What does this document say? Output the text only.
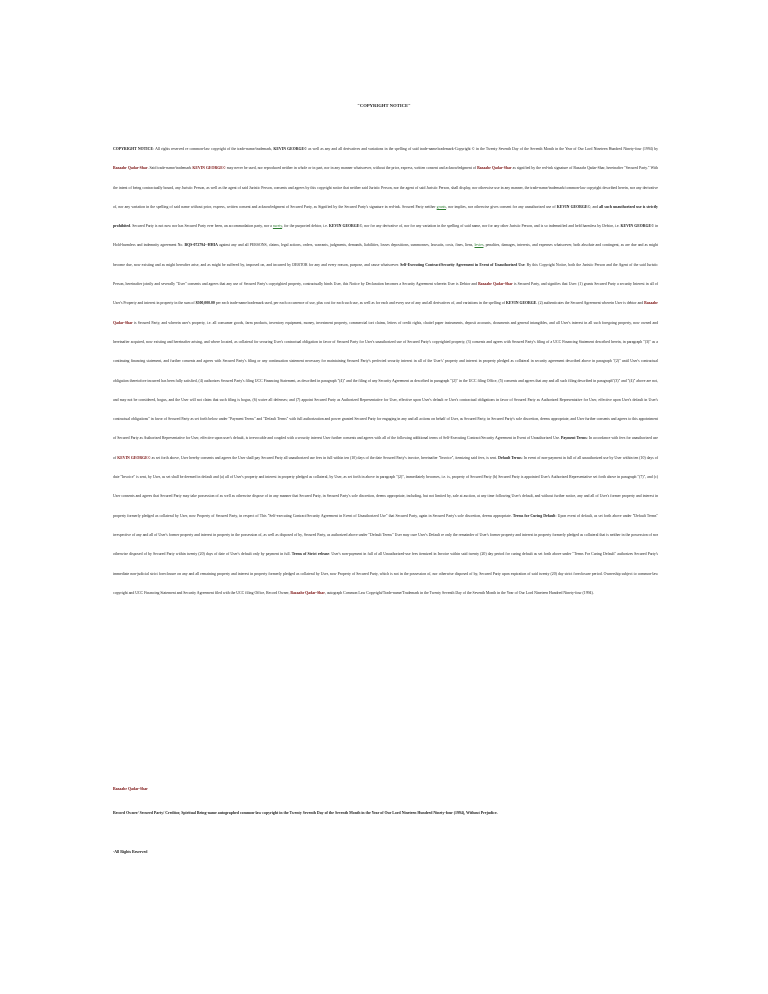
"COPYRIGHT NOTICE"

COPYRIGHT NOTICE: All rights reserved re common-law copyright of the trade-name/trademark, KEVIN GEORGE© as well as any and all derivatives and variations in the spelling of said trade-name/trademark-Copyright © in the Twenty Seventh Day of the Seventh Month in the Year of Our Lord Nineteen Hundred Ninety-four (1994) by Bazaahr Qadar-Shar. Said trade-name/trademark KEVIN GEORGE© may never be used, nor reproduced neither in whole or in part, nor in any manner whatsoever, without the prior, express, written consent and acknowledgment of Bazaahr Qadar-Shar as signified by the red-ink signature of Bazaahr Qadar-Shar, hereinafter "Secured Party." With the intent of being contractually bound, any Juristic Person, as well as the agent of said Juristic Person, consents and agrees by this copyright notice that neither said Juristic Person, nor the agent of said Juristic Person, shall display, nor otherwise use in any manner, the trade-name/trademark/common-law copyright described herein, nor any derivative of, nor any variation in the spelling of said name without prior, express, written consent and acknowledgment of Secured Party, as Signified by the Secured Party's signature in red-ink. Secured Party neither grants, nor implies, nor otherwise gives consent for any unauthorized use of KEVIN GEORGE©, and all such unauthorized use is strictly prohibited. Secured Party is not now nor has Secured Party ever been, an accommodation party, nor a surety, for the purported debtor, i.e. KEVIN GEORGE©, nor for any derivative of, nor for any variation in the spelling of said name, nor for any other Juristic Person, and is so indemnified and held harmless by Debtor, i.e. KEVIN GEORGE© in Hold-harmless and indemnity agreement No. BQS-072794--HHIA against any and all PERSONS, claims, legal actions, orders, warrants, judgments, demands, liabilities, losses depositions, summonses, lawsuits, costs, fines, liens, levies, penalties, damages, interests, and expenses whatsoever, both absolute and contingent, as are due and as might become due, now existing and as might hereafter arise, and as might be suffered by, imposed on, and incurred by DEBTOR for any and every reason, purpose, and cause whatsoever. Self-Executing Contract/Security Agreement in Event of Unauthorized Use: By this Copyright Notice, both the Juristic Person and the Agent of the said Juristic Person, hereinafter jointly and severally "User" consents and agrees that any use of Secured Party's copyrighted property, contractually binds User, this Notice by Declaration becomes a Security Agreement wherein User is Debtor and Bazaahr Qadar-Shar is Secured Party, and signifies that User: (1) grants Secured Party a security Interest in all of User's Property and interest in property in the sum of $500,000.00 per each trade-name/trademark used, per each occurrence of use, plus cost for each such use, as well as for each and every use of any and all derivatives of, and variations in the spelling of KEVIN GEORGE. (2) authenticates the Secured Agreement wherein User is debtor and Bazaahr Qadar-Shar is Secured Party, and wherein user's property, i.e. all consumer goods, farm products, inventory equipment, money, investment property, commercial tort claims, letters of credit rights, chattel paper instruments, deposit accounts, documents and general intangibles, and all User's interest in all such foregoing property, now owned and hereinafter acquired, now existing and hereinafter arising, and where located, as collateral for securing User's contractual obligation in favor of Secured Party for User's unauthorized use of Secured Party's copyrighted property, (3) consents and agrees with Secured Party's filing of a UCC Financing Statement described herein, in paragraph "(3)" as a continuing financing statement, and further consents and agrees with Secured Party's filing or any continuation statement necessary for maintaining Secured Party's perfected security interest in all of the User's' property and interest in property pledged as collateral in security agreement described above in paragraph "(2)" until User's contractual obligation theretofore incurred has been fully satisfied, (4) authorizes Secured Party's filing UCC Financing Statement, as described in paragraph "(4)" and the filing of any Security Agreement as described in paragraph "(2)" in the UCC filing Office, (5) consents and agrees that any and all such filing described in paragraph"(3)" and "(4)" above are not, and may not be considered, bogus, and the User will not claim that such filing is bogus, (6) waive all defenses; and (7) appoint Secured Party as Authorized Representative for User, effective upon User's default re User's contractual obligations in favor of Secured Party as Authorized Representative for User, effective upon User's default in User's contractual obligations" in favor of Secured Party as set forth below under "Payment Terms" and "Default Terms" with full authorization and power granted Secured Party for engaging in any and all actions on behalf of User, as Secured Party, in Secured Party's sole discretion, deems appropriate, and User further consents and agrees to this appointment of Secured Party as Authorized Representative for User, effective upon user's default, is irrevocable and coupled with a security interest User further consents and agrees with all of the following additional terms of Self-Executing Contract/Security Agreement in Event of Unauthorized Use. Payment Terms: In accordance with fees for unauthorized use of KEVIN GEORGE© as set forth above, User hereby consents and agrees the User shall pay Secured Party all unauthorized use fees in full within ten (10) days of the date Secured Party's invoice, hereinafter "Invoice", itemizing said fees, is sent. Default Terms: In event of non-payment in full of all unauthorized use by User within ten (10) days of date "Invoice" is sent, by User, as set shall be deemed in default and (a) all of User's property and interest in property pledged as collateral, by User, as set forth in above in paragraph "(2)", immediately becomes, i.e. is, property of Secured Party (b) Secured Party is appointed User's Authorized Representative set forth above in paragraph "(7)", and (c) User consents and agrees that Secured Party may take possession of as well as otherwise dispose of in any manner that Secured Party, in Secured Party's sole discretion, deems appropriate, including, but not limited by, sale at auction, at any time following User's default, and without further notice, any and all of User's former property and interest in property formerly pledged as collateral by User, now Property of Secured Party, in respect of This "Self-executing Contract/Security Agreement in Event of Unauthorized Use" that Secured Party, again in Secured Party's sole discretion, deems appropriate. Terms for Curing Default: Upon event of default, as set forth above under "Default Terms" irrespective of any and all of User's former property and interest in property in the possession of, as well as disposed of by, Secured Party, as authorized above under "Default Terms" User may cure User's Default re only the remainder of User's former property and interest in property formerly pledged as collateral that is neither in the possession of nor otherwise disposed of by Secured Party within twenty (20) days of date of User's default only by payment in full. Terms of Strict release: User's non-payment in full of all Unauthorized-use fees itemized in Invoice within said twenty (20) day period for curing default as set forth above under "Terms For Curing Default" authorizes Secured Party's immediate non-judicial strict foreclosure on any and all remaining property and interest in property formerly pledged as collateral by User, now Property of Secured Party, which is not in the possession of, nor otherwise disposed of by, Secured Party upon expiration of said twenty (20) day strict foreclosure period. Ownership subject to common-law copyright and UCC Financing Statement and Security Agreement filed with the UCC filing Office, Record Owner, Bazaahr Qadar-Shar, autograph Common Law Copyright/Trade-name/Trademark in the Twenty Seventh Day of the Seventh Month in the Year of Our Lord Nineteen Hundred Ninety-four (1994).

Bazaahr Qadar-Shar
Record Owner/ Secured Party/ Creditor, Spiritual Being-name autographed common-law copyright in the Twenty Seventh Day of the Seventh Month in the Year of Our Lord Nineteen Hundred Ninety-four (1994), Without Prejudice.
-All Rights Reserved
